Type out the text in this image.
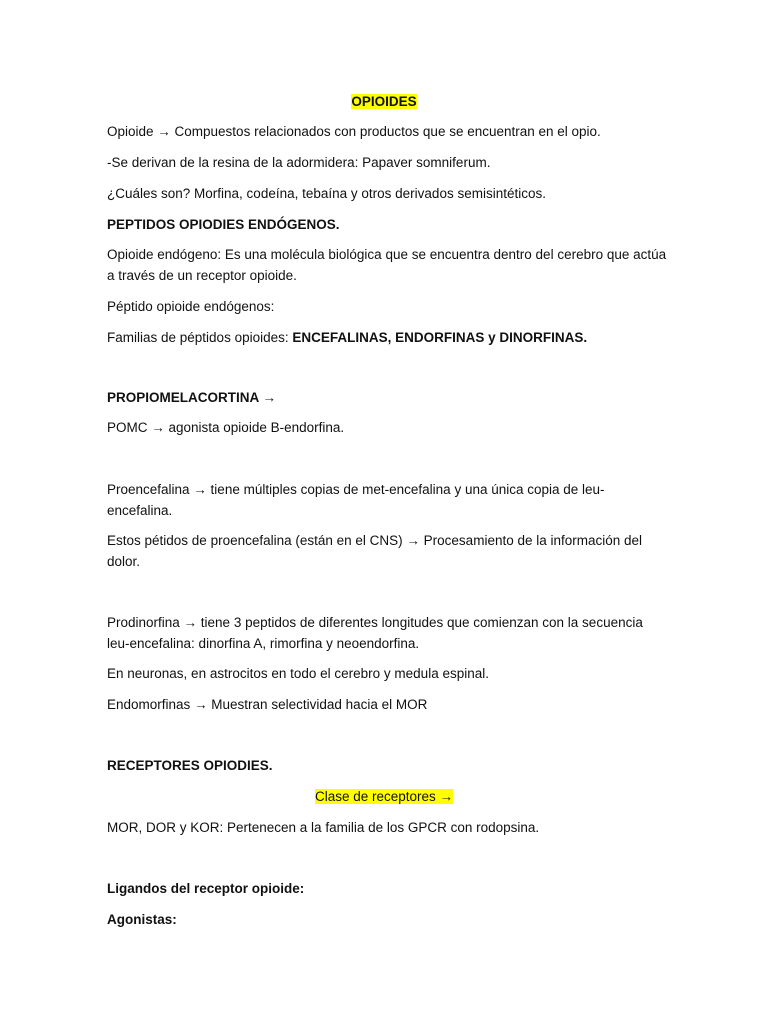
OPIOIDES
Opioide → Compuestos relacionados con productos que se encuentran en el opio.
-Se derivan de la resina de la adormidera: Papaver somniferum.
¿Cuáles son? Morfina, codeína, tebaína y otros derivados semisintéticos.
PEPTIDOS OPIODIES ENDÓGENOS.
Opioide endógeno: Es una molécula biológica que se encuentra dentro del cerebro que actúa a través de un receptor opioide.
Péptido opioide endógenos:
Familias de péptidos opioides: ENCEFALINAS, ENDORFINAS y DINORFINAS.
PROPIOMELACORTINA →
POMC → agonista opioide B-endorfina.
Proencefalina → tiene múltiples copias de met-encefalina y una única copia de leu-encefalina.
Estos pétidos de proencefalina (están en el CNS) → Procesamiento de la información del dolor.
Prodinorfina → tiene 3 peptidos de diferentes longitudes que comienzan con la secuencia leu-encefalina: dinorfina A, rimorfina y neoendorfina.
En neuronas, en astrocitos en todo el cerebro y medula espinal.
Endomorfinas → Muestran selectividad hacia el MOR
RECEPTORES OPIODIES.
Clase de receptores →
MOR, DOR y KOR: Pertenecen a la familia de los GPCR con rodopsina.
Ligandos del receptor opioide:
Agonistas:
